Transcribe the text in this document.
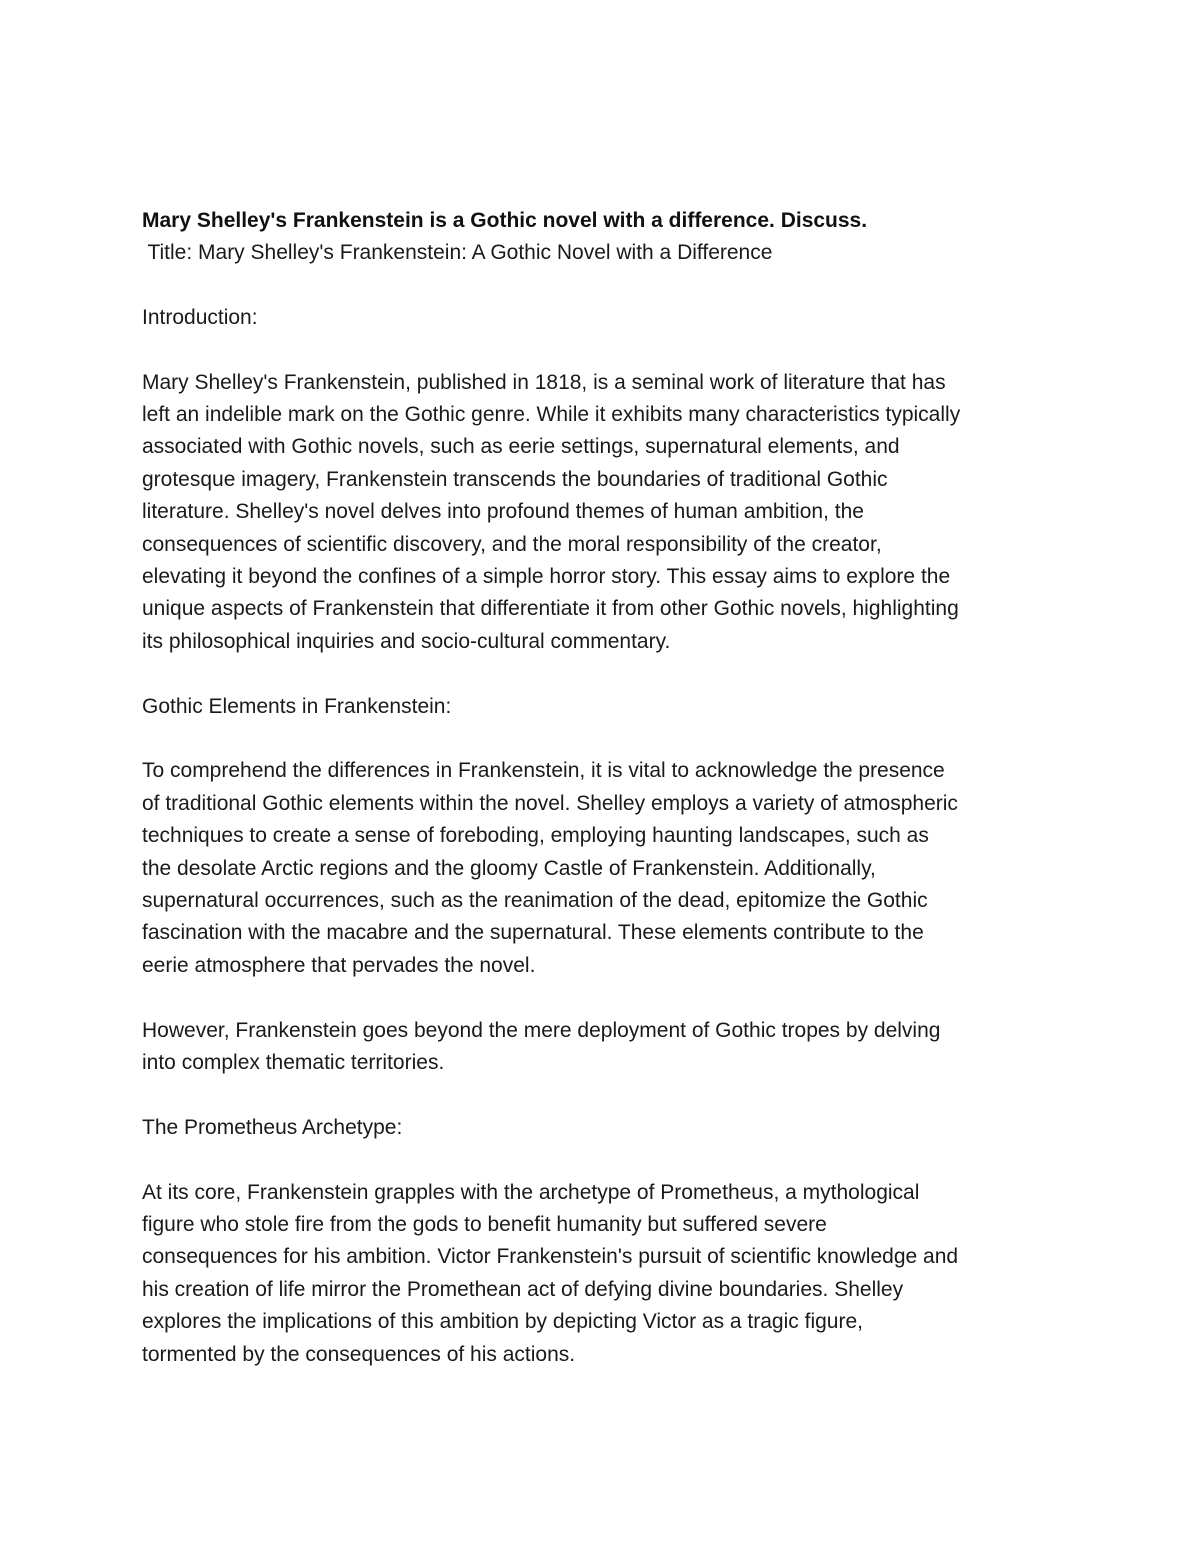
Mary Shelley's Frankenstein is a Gothic novel with a difference. Discuss.

Title: Mary Shelley's Frankenstein: A Gothic Novel with a Difference

Introduction:

Mary Shelley's Frankenstein, published in 1818, is a seminal work of literature that has

left an indelible mark on the Gothic genre. While it exhibits many characteristics typically

associated with Gothic novels, such as eerie settings, supernatural elements, and

grotesque imagery, Frankenstein transcends the boundaries of traditional Gothic

literature. Shelley's novel delves into profound themes of human ambition, the

consequences of scientific discovery, and the moral responsibility of the creator,

elevating it beyond the confines of a simple horror story. This essay aims to explore the

unique aspects of Frankenstein that differentiate it from other Gothic novels, highlighting

its philosophical inquiries and socio-cultural commentary.

Gothic Elements in Frankenstein:

To comprehend the differences in Frankenstein, it is vital to acknowledge the presence

of traditional Gothic elements within the novel. Shelley employs a variety of atmospheric

techniques to create a sense of foreboding, employing haunting landscapes, such as

the desolate Arctic regions and the gloomy Castle of Frankenstein. Additionally,

supernatural occurrences, such as the reanimation of the dead, epitomize the Gothic

fascination with the macabre and the supernatural. These elements contribute to the

eerie atmosphere that pervades the novel.

However, Frankenstein goes beyond the mere deployment of Gothic tropes by delving

into complex thematic territories.

The Prometheus Archetype:

At its core, Frankenstein grapples with the archetype of Prometheus, a mythological

figure who stole fire from the gods to benefit humanity but suffered severe

consequences for his ambition. Victor Frankenstein's pursuit of scientific knowledge and

his creation of life mirror the Promethean act of defying divine boundaries. Shelley

explores the implications of this ambition by depicting Victor as a tragic figure,

tormented by the consequences of his actions.
